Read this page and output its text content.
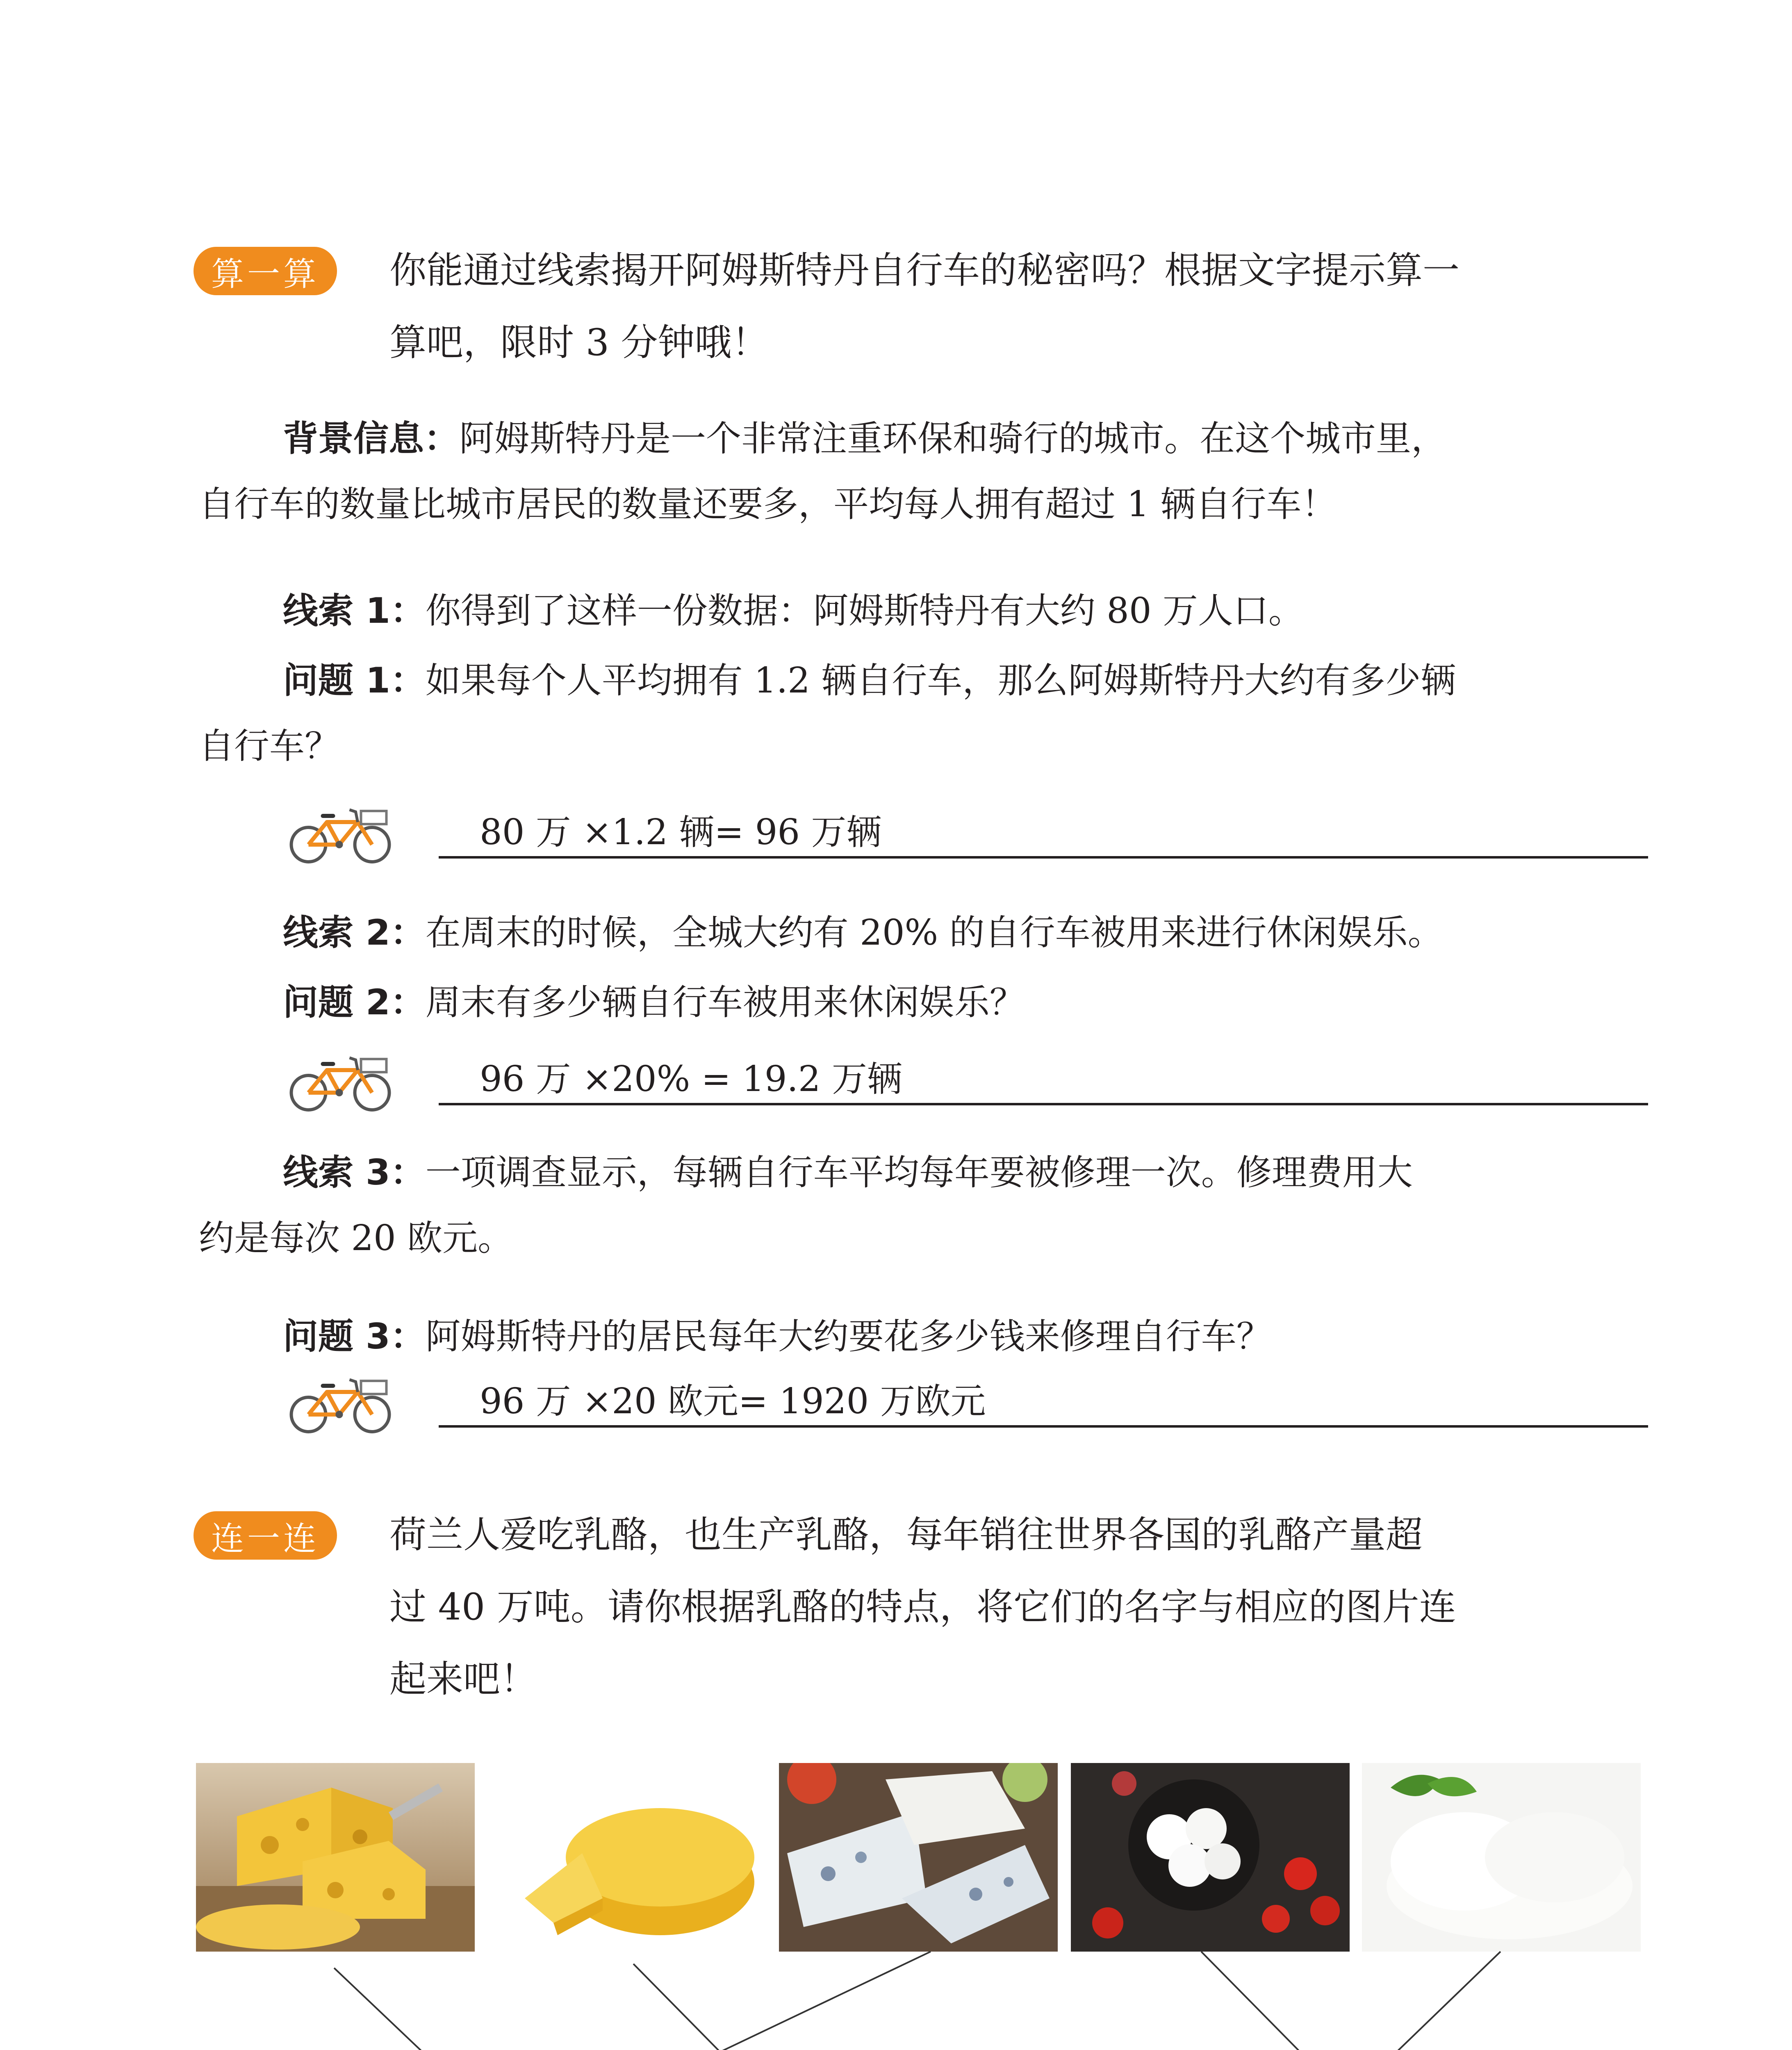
算一算 你能通过线索揭开阿姆斯特丹自行车的秘密吗？根据文字提示算一
算吧，限时 3 分钟哦！
背景信息：阿姆斯特丹是一个非常注重环保和骑行的城市。在这个城市里，
自行车的数量比城市居民的数量还要多，平均每人拥有超过 1 辆自行车！
线索 1：你得到了这样一份数据：阿姆斯特丹有大约 80 万人口。
问题 1：如果每个人平均拥有 1.2 辆自行车，那么阿姆斯特丹大约有多少辆
自行车？
80 万 ×1.2 辆= 96 万辆
线索 2：在周末的时候，全城大约有 20% 的自行车被用来进行休闲娱乐。
问题 2：周末有多少辆自行车被用来休闲娱乐？
96 万 ×20% = 19.2 万辆
线索 3：一项调查显示，每辆自行车平均每年要被修理一次。修理费用大
约是每次 20 欧元。
问题 3：阿姆斯特丹的居民每年大约要花多少钱来修理自行车？
96 万 ×20 欧元= 1920 万欧元
连一连 荷兰人爱吃乳酪，也生产乳酪，每年销往世界各国的乳酪产量超
过 40 万吨。请你根据乳酪的特点，将它们的名字与相应的图片连
起来吧！
